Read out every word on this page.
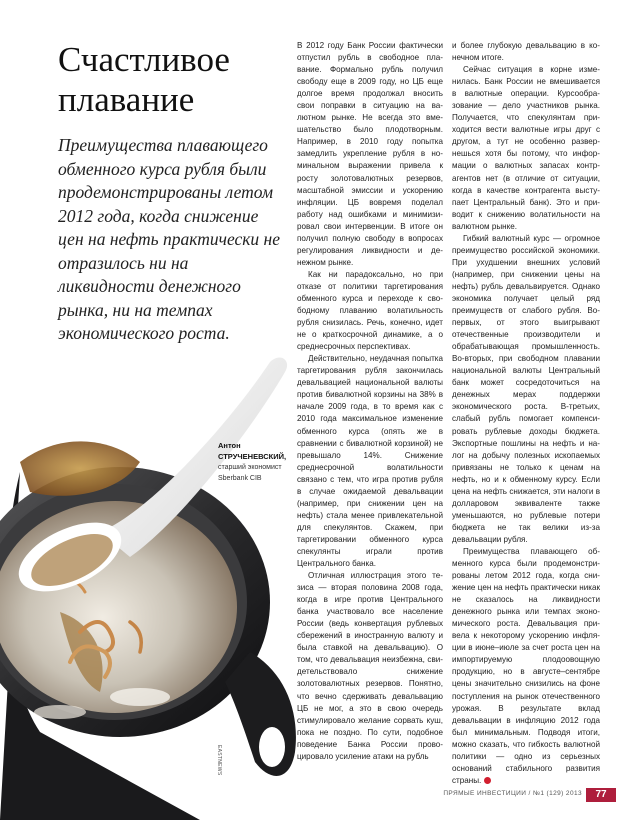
Счастливое плавание

Преимущества плавающего обменного курса рубля были продемонстрированы летом 2012 года, когда снижение цен на нефть практически не отразилось ни на ликвидности денежного рынка, ни на темпах экономического роста.

Антон СТРУЧЕНЕВСКИЙ,
старший экономист
Sberbank CIB
EASTNEWS

В 2012 году Банк России фактически отпустил рубль в свободное плавание. Формально рубль получил свободу еще в 2009 году, но ЦБ еще долгое время продолжал вносить свои поправки в ситуацию на валютном рынке. Не всегда это вмешательство было плодотворным. Например, в 2010 году попытка замедлить укрепление рубля в номинальном выражении привела к росту золотовалютных резервов, масштабной эмиссии и ускорению инфляции. ЦБ вовремя поделал работу над ошибками и минимизировал свои интервенции. В итоге он получил полную свободу в вопросах регулирования ликвидности и денежном рынке.

Как ни парадоксально, но при отказе от политики таргетирования обменного курса и переходе к свободному плаванию волатильность рубля снизилась. Речь, конечно, идет не о краткосрочной динамике, а о среднесрочных перспективах.

Действительно, неудачная попытка таргетирования рубля закончилась девальвацией национальной валюты против бивалютной корзины на 38% в начале 2009 года, в то время как с 2010 года максимальное изменение обменного курса (опять же в сравнении с бивалютной корзиной) не превышало 14%. Снижение среднесрочной волатильности связано с тем, что игра против рубля в случае ожидаемой девальвации (например, при снижении цен на нефть) стала менее привлекательной для спекулянтов. Скажем, при таргетировании обменного курса спекулянты играли против Центрального банка.

Отличная иллюстрация этого тезиса — вторая половина 2008 года, когда в игре против Центрального банка участвовало все население России (ведь конвертация рублевых сбережений в иностранную валюту и была ставкой на девальвацию). О том, что девальвация неизбежна, свидетельствовало снижение золотовалютных резервов. Понятно, что вечно сдерживать девальвацию ЦБ не мог, а это в свою очередь стимулировало желание сорвать куш, пока не поздно. По сути, подобное поведение Банка России провоцировало усиление атаки на рубль

и более глубокую девальвацию в конечном итоге.

Сейчас ситуация в корне изменилась. Банк России не вмешивается в валютные операции. Курсообразование — дело участников рынка. Получается, что спекулянтам приходится вести валютные игры друг с другом, а тут не особенно развернешься хотя бы потому, что информации о валютных запасах контрагентов нет (в отличие от ситуации, когда в качестве контрагента выступает Центральный банк). Это и приводит к снижению волатильности на валютном рынке.

Гибкий валютный курс — огромное преимущество российской экономики. При ухудшении внешних условий (например, при снижении цены на нефть) рубль девальвируется. Однако экономика получает целый ряд преимуществ от слабого рубля. Во-первых, от этого выигрывают отечественные производители и обрабатывающая промышленность. Во-вторых, при свободном плавании национальной валюты Центральный банк может сосредоточиться на денежных мерах поддержки экономического роста. В-третьих, слабый рубль помогает компенсировать рублевые доходы бюджета. Экспортные пошлины на нефть и налог на добычу полезных ископаемых привязаны не только к ценам на нефть, но и к обменному курсу. Если цена на нефть снижается, эти налоги в долларовом эквиваленте также уменьшаются, но рублевые потери бюджета не так велики из-за девальвации рубля.

Преимущества плавающего обменного курса были продемонстрированы летом 2012 года, когда снижение цен на нефть практически никак не сказалось на ликвидности денежного рынка или темпах экономического роста. Девальвация привела к некоторому ускорению инфляции в июне–июле за счет роста цен на импортируемую плодоовощную продукцию, но в августе–сентябре цены значительно снизились на фоне поступления на рынок отечественного урожая. В результате вклад девальвации в инфляцию 2012 года был минимальным. Подводя итоги, можно сказать, что гибкость валютной политики — одно из серьезных оснований стабильного развития страны.

ПРЯМЫЕ ИНВЕСТИЦИИ / №1 (129) 2013	77
